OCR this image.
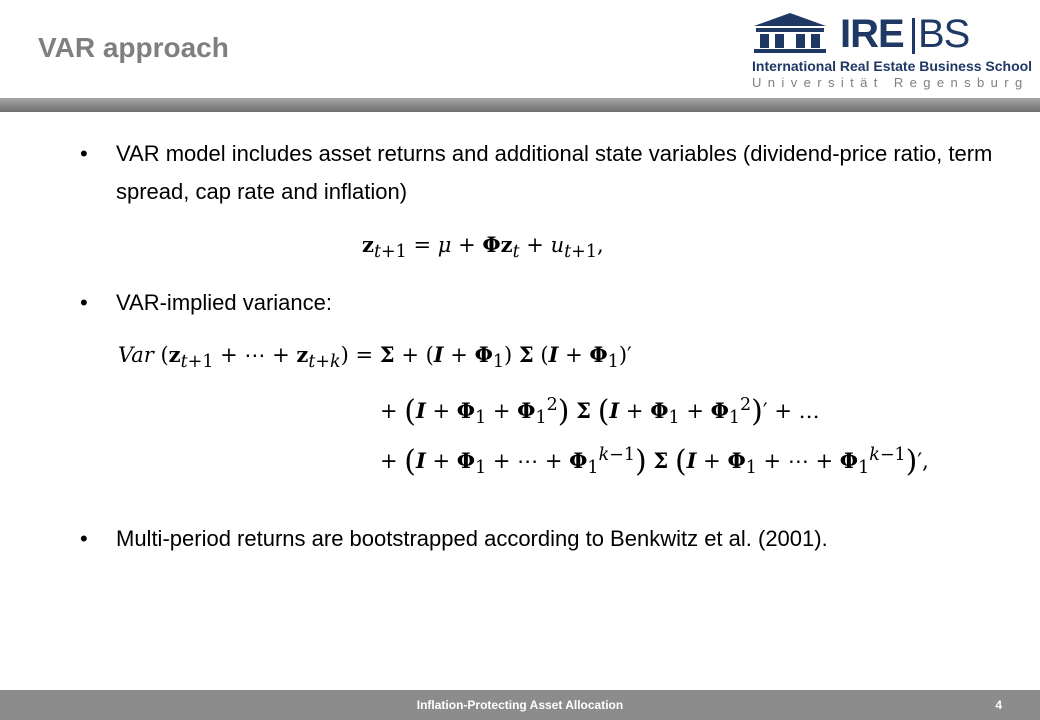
VAR approach	IRE BS
International Real Estate Business School
Universität Regensburg
• VAR model includes asset returns and additional state variables (dividend-price ratio, term spread, cap rate and inflation)
$z_{t+1} = \mu + \Phi z_t + u_{t+1}$,
• VAR-implied variance:
Var ($z_{t+1}$ + ⋯ + $z_{t+k}) = \Sigma + (I + \Phi_1)$ Σ $(I + \Phi_1)'$
+ $(I + \Phi_1 + \Phi_1^2)$ Σ $(I + \Phi_1 + \Phi_1^2)'$ + …
+ ($I + \Phi_1$ + ⋯ + $\Phi_1^{k-1}$) Σ ($I + \Phi_1$ + ⋯ + $\Phi_1^{k-1})'$,
• Multi-period returns are bootstrapped according to Benkwitz et al. (2001).
Inflation-Protecting Asset Allocation	4
